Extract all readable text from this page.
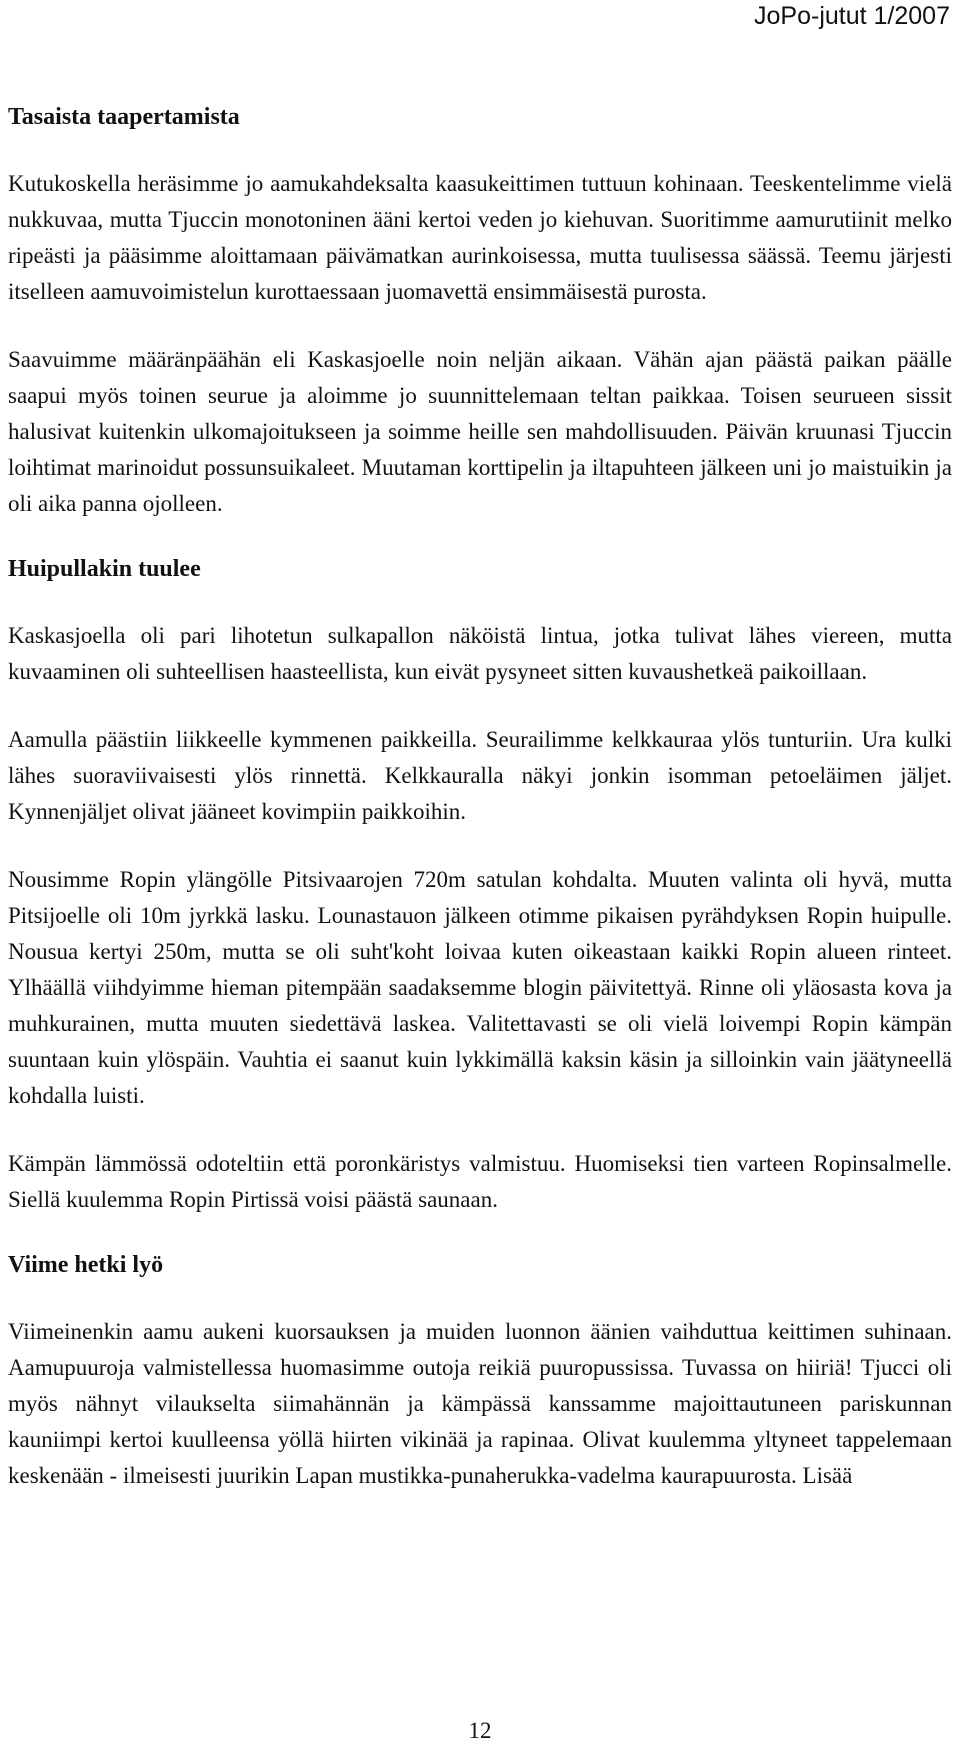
JoPo-jutut 1/2007
Tasaista taapertamista

Kutukoskella heräsimme jo aamukahdeksalta kaasukeittimen tuttuun kohinaan. Teeskentelimme vielä nukkuvaa, mutta Tjuccin monotoninen ääni kertoi veden jo kiehuvan. Suoritimme aamurutiinit melko ripeästi ja pääsimme aloittamaan päivämatkan aurinkoisessa, mutta tuulisessa säässä. Teemu järjesti itselleen aamuvoimistelun kurottaessaan juomavettä ensimmäisestä purosta.

Saavuimme määränpäähän eli Kaskasjoelle noin neljän aikaan. Vähän ajan päästä paikan päälle saapui myös toinen seurue ja aloimme jo suunnittelemaan teltan paikkaa. Toisen seurueen sissit halusivat kuitenkin ulkomajoitukseen ja soimme heille sen mahdollisuuden. Päivän kruunasi Tjuccin loihtimat marinoidut possunsuikaleet. Muutaman korttipelin ja iltapuhteen jälkeen uni jo maistuikin ja oli aika panna ojolleen.

Huipullakin tuulee

Kaskasjoella oli pari lihotetun sulkapallon näköistä lintua, jotka tulivat lähes viereen, mutta kuvaaminen oli suhteellisen haasteellista, kun eivät pysyneet sitten kuvaushetkeä paikoillaan.

Aamulla päästiin liikkeelle kymmenen paikkeilla. Seurailimme kelkkauraa ylös tunturiin. Ura kulki lähes suoraviivaisesti ylös rinnettä. Kelkkauralla näkyi jonkin isomman petoeläimen jäljet. Kynnenjäljet olivat jääneet kovimpiin paikkoihin.

Nousimme Ropin ylängölle Pitsivaarojen 720m satulan kohdalta. Muuten valinta oli hyvä, mutta Pitsijoelle oli 10m jyrkkä lasku. Lounastauon jälkeen otimme pikaisen pyrähdyksen Ropin huipulle. Nousua kertyi 250m, mutta se oli suht'koht loivaa kuten oikeastaan kaikki Ropin alueen rinteet. Ylhäällä viihdyimme hieman pitempään saadaksemme blogin päivitettyä. Rinne oli yläosasta kova ja muhkurainen, mutta muuten siedettävä laskea. Valitettavasti se oli vielä loivempi Ropin kämpän suuntaan kuin ylöspäin. Vauhtia ei saanut kuin lykkimällä kaksin käsin ja silloinkin vain jäätyneellä kohdalla luisti.

Kämpän lämmössä odoteltiin että poronkäristys valmistuu. Huomiseksi tien varteen Ropinsalmelle. Siellä kuulemma Ropin Pirtissä voisi päästä saunaan.

Viime hetki lyö

Viimeinenkin aamu aukeni kuorsauksen ja muiden luonnon äänien vaihduttua keittimen suhinaan. Aamupuuroja valmistellessa huomasimme outoja reikiä puuropussissa. Tuvassa on hiiriä! Tjucci oli myös nähnyt vilaukselta siimahännän ja kämpässä kanssamme majoittautuneen pariskunnan kauniimpi kertoi kuulleensa yöllä hiirten vikinää ja rapinaa. Olivat kuulemma yltyneet tappelemaan keskenään - ilmeisesti juurikin Lapan mustikka-punaherukka-vadelma kaurapuurosta. Lisää

12
